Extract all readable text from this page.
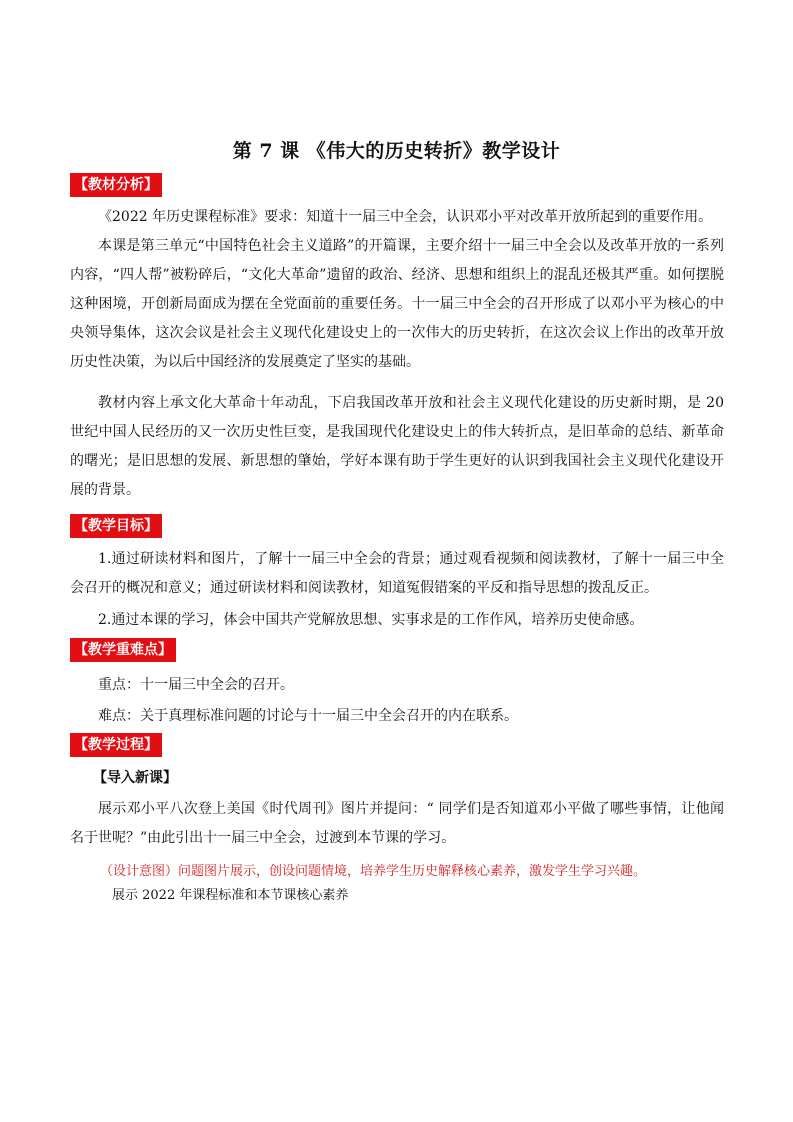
第 7 课 《伟大的历史转折》教学设计
【教材分析】
《2022 年历史课程标准》要求：知道十一届三中全会，认识邓小平对改革开放所起到的重要作用。
本课是第三单元“中国特色社会主义道路”的开篇课，主要介绍十一届三中全会以及改革开放的一系列内容，“四人帮”被粉碎后，“文化大革命”遗留的政治、经济、思想和组织上的混乱还极其严重。如何摆脱这种困境，开创新局面成为摆在全党面前的重要任务。十一届三中全会的召开形成了以邓小平为核心的中央领导集体，这次会议是社会主义现代化建设史上的一次伟大的历史转折，在这次会议上作出的改革开放历史性决策，为以后中国经济的发展奠定了坚实的基础。
教材内容上承文化大革命十年动乱，下启我国改革开放和社会主义现代化建设的历史新时期，是 20 世纪中国人民经历的又一次历史性巨变，是我国现代化建设史上的伟大转折点，是旧革命的总结、新革命的曙光；是旧思想的发展、新思想的肇始，学好本课有助于学生更好的认识到我国社会主义现代化建设开展的背景。
【教学目标】
1.通过研读材料和图片，了解十一届三中全会的背景；通过观看视频和阅读教材，了解十一届三中全会召开的概况和意义；通过研读材料和阅读教材，知道冤假错案的平反和指导思想的拨乱反正。
2.通过本课的学习，体会中国共产党解放思想、实事求是的工作作风，培养历史使命感。
【教学重难点】
重点：十一届三中全会的召开。
难点：关于真理标准问题的讨论与十一届三中全会召开的内在联系。
【教学过程】
【导入新课】
展示邓小平八次登上美国《时代周刊》图片并提问：“ 同学们是否知道邓小平做了哪些事情，让他闻名于世呢？”由此引出十一届三中全会，过渡到本节课的学习。
（设计意图）问题图片展示，创设问题情境，培养学生历史解释核心素养，激发学生学习兴趣。
展示 2022 年课程标准和本节课核心素养
